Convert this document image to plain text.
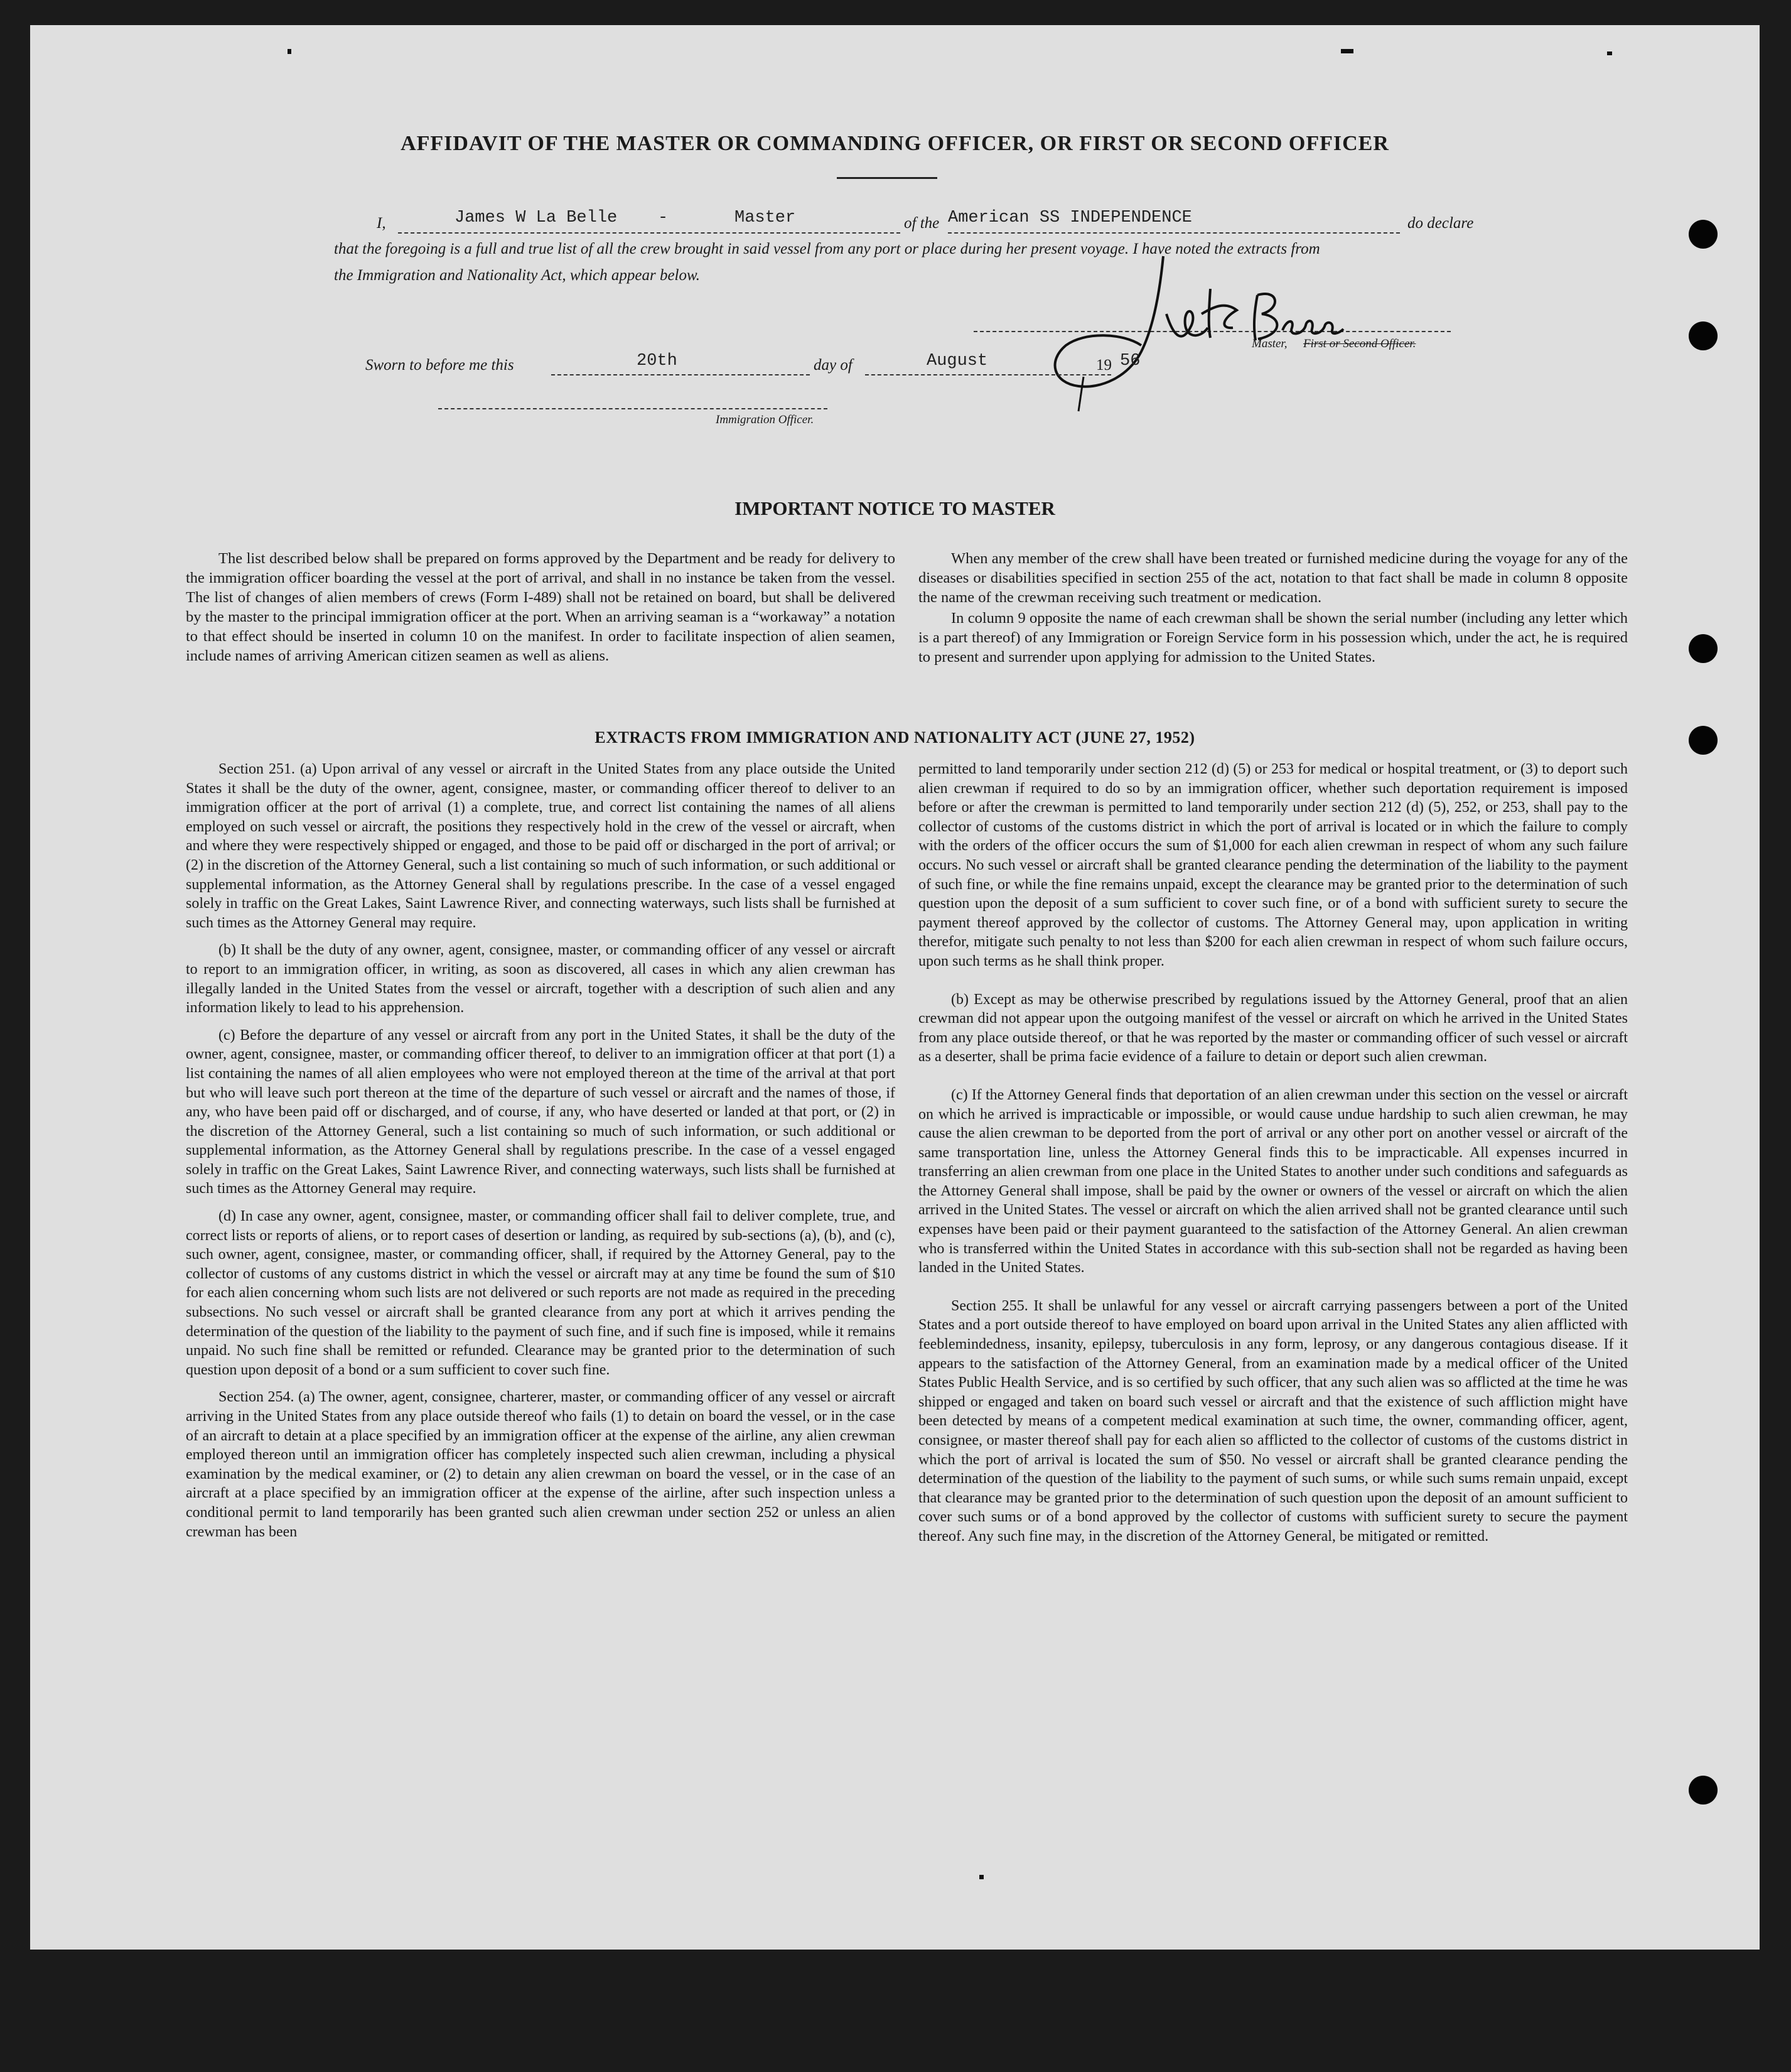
AFFIDAVIT OF THE MASTER OR COMMANDING OFFICER, OR FIRST OR SECOND OFFICER
I,	James W La Belle -	Master	of the American SS INDEPENDENCE	do declare
that the foregoing is a full and true list of all the crew brought in said vessel from any port or place during her present voyage. I have noted the extracts from
the Immigration and Nationality Act, which appear below.
Master, First or Second Officer.
Sworn to before me this	20th	day of	August	19 56
Immigration Officer.
IMPORTANT NOTICE TO MASTER

The list described below shall be prepared on forms approved by the Department and be ready for delivery to the immigration officer boarding the vessel at the port of arrival, and shall in no instance be taken from the vessel. The list of changes of alien members of crews (Form I-489) shall not be retained on board, but shall be delivered by the master to the principal immigration officer at the port. When an arriving seaman is a “workaway” a notation to that effect should be inserted in column 10 on the manifest. In order to facilitate inspection of alien seamen, include names of arriving American citizen seamen as well as aliens.

When any member of the crew shall have been treated or furnished medicine during the voyage for any of the diseases or disabilities specified in section 255 of the act, notation to that fact shall be made in column 8 opposite the name of the crewman receiving such treatment or medication.

In column 9 opposite the name of each crewman shall be shown the serial number (including any letter which is a part thereof) of any Immigration or Foreign Service form in his possession which, under the act, he is required to present and surrender upon applying for admission to the United States.

EXTRACTS FROM IMMIGRATION AND NATIONALITY ACT (JUNE 27, 1952)

Section 251. (a) Upon arrival of any vessel or aircraft in the United States from any place outside the United States it shall be the duty of the owner, agent, consignee, master, or commanding officer thereof to deliver to an immigration officer at the port of arrival (1) a complete, true, and correct list containing the names of all aliens employed on such vessel or aircraft, the positions they respectively hold in the crew of the vessel or aircraft, when and where they were respectively shipped or engaged, and those to be paid off or discharged in the port of arrival; or (2) in the discretion of the Attorney General, such a list containing so much of such information, or such additional or supplemental information, as the Attorney General shall by regulations prescribe. In the case of a vessel engaged solely in traffic on the Great Lakes, Saint Lawrence River, and connecting waterways, such lists shall be furnished at such times as the Attorney General may require.

(b) It shall be the duty of any owner, agent, consignee, master, or commanding officer of any vessel or aircraft to report to an immigration officer, in writing, as soon as discovered, all cases in which any alien crewman has illegally landed in the United States from the vessel or aircraft, together with a description of such alien and any information likely to lead to his apprehension.

(c) Before the departure of any vessel or aircraft from any port in the United States, it shall be the duty of the owner, agent, consignee, master, or commanding officer thereof, to deliver to an immigration officer at that port (1) a list containing the names of all alien employees who were not employed thereon at the time of the arrival at that port but who will leave such port thereon at the time of the departure of such vessel or aircraft and the names of those, if any, who have been paid off or discharged, and of course, if any, who have deserted or landed at that port, or (2) in the discretion of the Attorney General, such a list containing so much of such information, or such additional or supplemental information, as the Attorney General shall by regulations prescribe. In the case of a vessel engaged solely in traffic on the Great Lakes, Saint Lawrence River, and connecting waterways, such lists shall be furnished at such times as the Attorney General may require.

(d) In case any owner, agent, consignee, master, or commanding officer shall fail to deliver complete, true, and correct lists or reports of aliens, or to report cases of desertion or landing, as required by sub-sections (a), (b), and (c), such owner, agent, consignee, master, or commanding officer, shall, if required by the Attorney General, pay to the collector of customs of any customs district in which the vessel or aircraft may at any time be found the sum of $10 for each alien concerning whom such lists are not delivered or such reports are not made as required in the preceding subsections. No such vessel or aircraft shall be granted clearance from any port at which it arrives pending the determination of the question of the liability to the payment of such fine, and if such fine is imposed, while it remains unpaid. No such fine shall be remitted or refunded. Clearance may be granted prior to the determination of such question upon deposit of a bond or a sum sufficient to cover such fine.

Section 254. (a) The owner, agent, consignee, charterer, master, or commanding officer of any vessel or aircraft arriving in the United States from any place outside thereof who fails (1) to detain on board the vessel, or in the case of an aircraft to detain at a place specified by an immigration officer at the expense of the airline, any alien crewman employed thereon until an immigration officer has completely inspected such alien crewman, including a physical examination by the medical examiner, or (2) to detain any alien crewman on board the vessel, or in the case of an aircraft at a place specified by an immigration officer at the expense of the airline, after such inspection unless a conditional permit to land temporarily has been granted such alien crewman under section 252 or unless an alien crewman has been

permitted to land temporarily under section 212 (d) (5) or 253 for medical or hospital treatment, or (3) to deport such alien crewman if required to do so by an immigration officer, whether such deportation requirement is imposed before or after the crewman is permitted to land temporarily under section 212 (d) (5), 252, or 253, shall pay to the collector of customs of the customs district in which the port of arrival is located or in which the failure to comply with the orders of the officer occurs the sum of $1,000 for each alien crewman in respect of whom any such failure occurs. No such vessel or aircraft shall be granted clearance pending the determination of the liability to the payment of such fine, or while the fine remains unpaid, except the clearance may be granted prior to the determination of such question upon the deposit of a sum sufficient to cover such fine, or of a bond with sufficient surety to secure the payment thereof approved by the collector of customs. The Attorney General may, upon application in writing therefor, mitigate such penalty to not less than $200 for each alien crewman in respect of whom such failure occurs, upon such terms as he shall think proper.

(b) Except as may be otherwise prescribed by regulations issued by the Attorney General, proof that an alien crewman did not appear upon the outgoing manifest of the vessel or aircraft on which he arrived in the United States from any place outside thereof, or that he was reported by the master or commanding officer of such vessel or aircraft as a deserter, shall be prima facie evidence of a failure to detain or deport such alien crewman.

(c) If the Attorney General finds that deportation of an alien crewman under this section on the vessel or aircraft on which he arrived is impracticable or impossible, or would cause undue hardship to such alien crewman, he may cause the alien crewman to be deported from the port of arrival or any other port on another vessel or aircraft of the same transportation line, unless the Attorney General finds this to be impracticable. All expenses incurred in transferring an alien crewman from one place in the United States to another under such conditions and safeguards as the Attorney General shall impose, shall be paid by the owner or owners of the vessel or aircraft on which the alien arrived in the United States. The vessel or aircraft on which the alien arrived shall not be granted clearance until such expenses have been paid or their payment guaranteed to the satisfaction of the Attorney General. An alien crewman who is transferred within the United States in accordance with this sub-section shall not be regarded as having been landed in the United States.

Section 255. It shall be unlawful for any vessel or aircraft carrying passengers between a port of the United States and a port outside thereof to have employed on board upon arrival in the United States any alien afflicted with feeblemindedness, insanity, epilepsy, tuberculosis in any form, leprosy, or any dangerous contagious disease. If it appears to the satisfaction of the Attorney General, from an examination made by a medical officer of the United States Public Health Service, and is so certified by such officer, that any such alien was so afflicted at the time he was shipped or engaged and taken on board such vessel or aircraft and that the existence of such affliction might have been detected by means of a competent medical examination at such time, the owner, commanding officer, agent, consignee, or master thereof shall pay for each alien so afflicted to the collector of customs of the customs district in which the port of arrival is located the sum of $50. No vessel or aircraft shall be granted clearance pending the determination of the question of the liability to the payment of such sums, or while such sums remain unpaid, except that clearance may be granted prior to the determination of such question upon the deposit of an amount sufficient to cover such sums or of a bond approved by the collector of customs with sufficient surety to secure the payment thereof. Any such fine may, in the discretion of the Attorney General, be mitigated or remitted.
